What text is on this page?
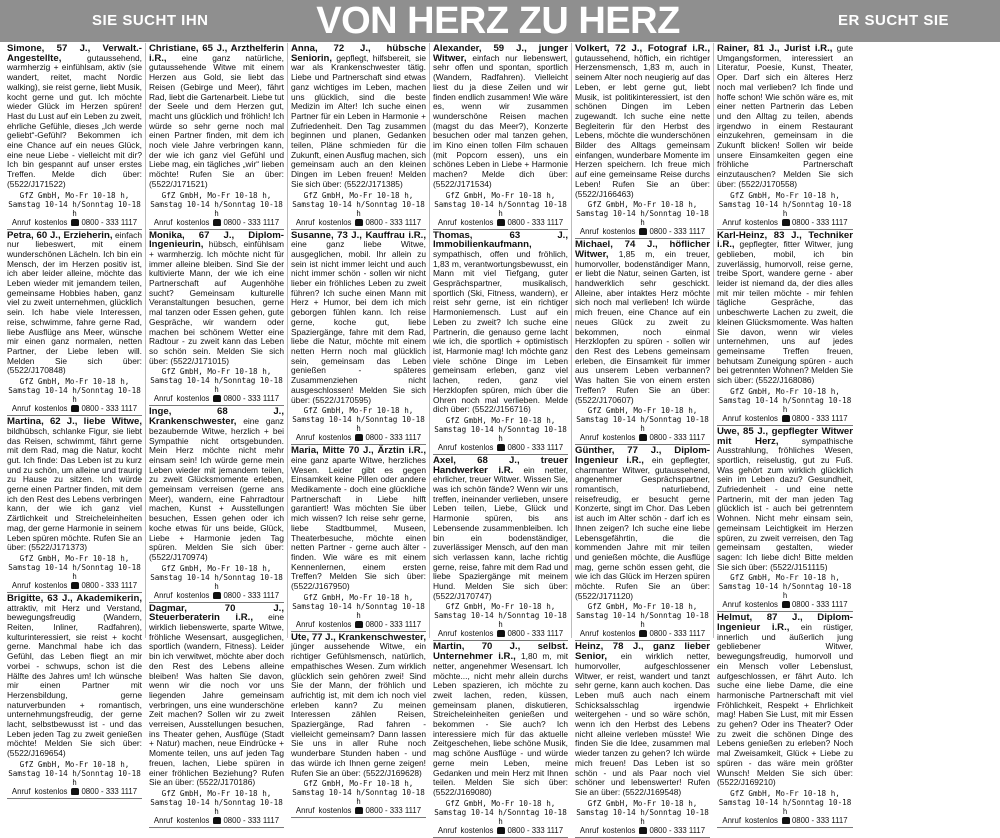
SIE SUCHT IHN	VON HERZ ZU HERZ	ER SUCHT SIE
Simone, 57 J., Verwalt.-Angestellte,	gutaussehend, warmherzig + einfühlsam, aktiv (sie wandert, reitet, macht Nordic walking), sie reist gerne, liebt Musik, kocht gerne und gut. Ich möchte wieder Glück im Herzen spüren! Hast du Lust auf ein Leben zu zweit, ehrliche Gefühle, dieses „Ich werde geliebt“-Gefühl? Bekommen ich eine Chance auf ein neues Glück, eine neue Liebe - vielleicht mit dir? Ich bin gespannt auf unser erstes Treffen. Melde dich über: (5522/J171522)
GfZ GmbH, Mo-Fr 10-18 h,
Samstag 10-14 h/Sonntag 10-18 h
Anruf kostenlos	0800 - 333 1117
Petra, 60 J., Erzieherin, einfach nur liebeswert, mit einem wunderschönen Lächeln. Ich bin ein Mensch, der im Herzen positiv ist, ich aber leider alleine, möchte das Leben wieder mit jemandem teilen, gemeinsame Hobbies haben, ganz viel zu zweit unternehmen, glücklich sein. Ich habe viele Interessen, reise, schwimme, fahre gerne Rad, liebe Ausflüge ans Meer, wünsche mir einen ganz normalen, netten Partner, der Liebe leben will. Melden Sie sich über: (5522/J170848)
GfZ GmbH, Mo-Fr 10-18 h,
Samstag 10-14 h/Sonntag 10-18 h
Anruf kostenlos	0800 - 333 1117
Martina, 62 J., liebe Witwe, bildhübsch, schlanke Figur, sie liebt das Reisen, schwimmt, fährt gerne mit dem Rad, mag die Natur, kocht gut. Ich finde: Das Leben ist zu kurz und zu schön, um alleine und traurig zu Hause zu sitzen. Ich würde gerne einen Partner finden, mit dem ich den Rest des Lebens verbringen kann, der wie ich ganz viel Zärtlichkeit und Streicheleinheiten mag, der gerne Harmonie in seinem Leben spüren möchte. Rufen Sie an über: (5522/J171373)
GfZ GmbH, Mo-Fr 10-18 h,
Samstag 10-14 h/Sonntag 10-18 h
Anruf kostenlos	0800 - 333 1117
Brigitte, 63 J., Akademikerin, attraktiv, mit Herz und Verstand, bewegungsfreudig (Wandern, Reiten, Inliner, Radfahren), kulturinteressiert, sie reist + kocht gerne. Manchmal habe ich das Gefühl, das Leben fliegt an mir vorbei - schwups, schon ist die Hälfte des Jahres um! Ich wünsche mir einen Partner mit Herzensbildung, gerne naturverbunden + romantisch, unternehmungsfreudig, der gerne lacht, selbstbewusst ist - und das Leben jeden Tag zu zweit genießen möchte! Melden Sie sich über: (5522/J169654)
GfZ GmbH, Mo-Fr 10-18 h,
Samstag 10-14 h/Sonntag 10-18 h
Anruf kostenlos	0800 - 333 1117
Christiane, 65 J., Arzthelferin i.R., eine ganz natürliche, gutaussehende Witwe mit einem Herzen aus Gold, sie liebt das Reisen (Gebirge und Meer), fährt Rad, liebt die Gartenarbeit. Liebe tut der Seele und dem Herzen gut, macht uns glücklich und fröhlich! Ich würde so sehr gerne noch mal einen Partner finden, mit dem ich noch viele Jahre verbringen kann, der wie ich ganz viel Gefühl und Liebe mag, ein tägliches „wir“ lieben möchte! Rufen Sie an über: (5522/J171521)
GfZ GmbH, Mo-Fr 10-18 h,
Samstag 10-14 h/Sonntag 10-18 h
Anruf kostenlos	0800 - 333 1117
Monika, 67 J., Diplom-Ingenieurin, hübsch, einfühlsam + warmherzig. Ich möchte nicht für immer alleine bleiben. Sind Sie der kultivierte Mann, der wie ich eine Partnerschaft auf Augenhöhe sucht? Gemeinsam kulturelle Veranstaltungen besuchen, gerne mal tanzen oder Essen gehen, gute Gespräche, wir wandern oder machen bei schönem Wetter eine Radtour - zu zweit kann das Leben so schön sein. Melden Sie sich über: (5522/J171015)
GfZ GmbH, Mo-Fr 10-18 h,
Samstag 10-14 h/Sonntag 10-18 h
Anruf kostenlos	0800 - 333 1117
Inge, 68 J., Krankenschwester, eine ganz bezaubernde Witwe, herzlich + bei Sympathie nicht ortsgebunden. Mein Herz möchte nicht mehr einsam sein! Ich würde gerne mein Leben wieder mit jemandem teilen, zu zweit Glücksmomente erleben, gemeinsam verreisen (gerne ans Meer), wandern, eine Fahrradtour machen, Kunst + Ausstellungen besuchen, Essen gehen oder ich koche etwas für uns beide, Glück, Liebe + Harmonie jeden Tag spüren. Melden Sie sich über: (5522/J170974)
GfZ GmbH, Mo-Fr 10-18 h,
Samstag 10-14 h/Sonntag 10-18 h
Anruf kostenlos	0800 - 333 1117
Dagmar, 70 J., Steuerberaterin i.R., eine wirklich liebenswerte, sparte Witwe, fröhliche Wesensart, ausgeglichen, sportlich (wandern, Fitness). Leider bin ich verwitwet, möchte aber doch den Rest des Lebens alleine bleiben! Was halten Sie davon, wenn wir die noch vor uns liegenden Jahre gemeinsam verbringen, uns eine wunderschöne Zeit machen? Sollen wir zu zweit verreisen, Ausstellungen besuchen, ins Theater gehen, Ausflüge (Stadt + Natur) machen, neue Eindrücke + Momente teilen, uns auf jeden Tag freuen, lachen, Liebe spüren in einer fröhlichen Beziehung? Rufen Sie an über: (5522/J170186)
GfZ GmbH, Mo-Fr 10-18 h,
Samstag 10-14 h/Sonntag 10-18 h
Anruf kostenlos	0800 - 333 1117
Anna, 72 J., hübsche Seniorin, gepflegt, hilfsbereit, sie war als Krankenschwester tätig. Liebe und Partnerschaft sind etwas ganz wichtiges im Leben, machen uns glücklich, sind die beste Medizin im Alter! Ich suche einen Partner für ein Leben in Harmonie + Zufriedenheit. Den Tag zusammen beginnen und planen, Gedanken teilen, Pläne schmieden für die Zukunft, einen Ausflug machen, sich gemeinsam auch an den kleinen Dingen im Leben freuen! Melden Sie sich über: (5522/J171385)
GfZ GmbH, Mo-Fr 10-18 h,
Samstag 10-14 h/Sonntag 10-18 h
Anruf kostenlos	0800 - 333 1117
Susanne, 73 J., Kauffrau i.R., eine ganz liebe Witwe, ausgeglichen, mobil. Ihr allein zu sein ist nicht immer leicht und auch nicht immer schön - sollen wir nicht lieber ein fröhliches Leben zu zweit führen? Ich suche einen Mann mit Herz + Humor, bei dem ich mich geborgen fühlen kann. Ich reise gerne, koche gut, liebe Spaziergänge, fahre mit dem Rad, liebe die Natur, möchte mit einem netten Herrn noch mal glücklich sein, gemeinsam das Leben genießen - späteres Zusammenziehen nicht ausgeschlossen! Melden Sie sich über: (5522/J170595)
GfZ GmbH, Mo-Fr 10-18 h,
Samstag 10-14 h/Sonntag 10-18 h
Anruf kostenlos	0800 - 333 1117
Maria, Mitte 70 J., Ärztin i.R., eine ganz aparte Witwe, herzliches Wesen. Leider gibt es gegen Einsamkeit keine Pillen oder andere Medikamente - doch eine glückliche Partnerschaft in Liebe hilft garantiert! Was möchten Sie über mich wissen? Ich reise sehr gerne, liebe Stadtbummel, Museen, Theaterbesuche, möchte einen netten Partner - gerne auch älter - finden. Wie wäre es mit einem Kennenlernen, einem ersten Treffen? Melden Sie sich über: (5522/J167950)
GfZ GmbH, Mo-Fr 10-18 h,
Samstag 10-14 h/Sonntag 10-18 h
Anruf kostenlos	0800 - 333 1117
Ute, 77 J., Krankenschwester, jünger aussehende Witwe, ein richtiger Gefühlsmensch, natürlich, empathisches Wesen. Zum wirklich glücklich sein gehören zwei! Sind Sie der Mann, der fröhlich und aufrichtig ist, mit dem ich noch viel erleben kann? Zu meinen Interessen zählen Reisen, Spaziergänge, Rad fahren - vielleicht gemeinsam? Dann lassen Sie uns in aller Ruhe noch wunderbare Stunden haben - und das würde ich Ihnen gerne zeigen! Rufen Sie an über: (5522/J169628)
GfZ GmbH, Mo-Fr 10-18 h,
Samstag 10-14 h/Sonntag 10-18 h
Anruf kostenlos	0800 - 333 1117
Alexander, 59 J., junger Witwer, einfach nur liebenswert, sehr offen und spontan, sportlich (Wandern, Radfahren). Vielleicht liest du ja diese Zeilen und wir finden endlich zusammen! Wie wäre es, wenn wir zusammen wunderschöne Reisen machen (magst du das Meer?), Konzerte besuchen oder mal tanzen gehen, im Kino einen tollen Film schauen (mit Popcorn essen), uns ein schönes Leben in Liebe + Harmonie machen? Melde dich über: (5522/J171534)
GfZ GmbH, Mo-Fr 10-18 h,
Samstag 10-14 h/Sonntag 10-18 h
Anruf kostenlos	0800 - 333 1117
Thomas, 63 J., Immobilienkaufmann, sympathisch, offen und fröhlich, 1,83 m, verantwortungsbewusst, ein Mann mit viel Tiefgang, guter Gesprächspartner, musikalisch, sportlich (Ski, Fitness, wandern), er reist sehr gerne, ist ein richtiger Harmoniemensch. Lust auf ein Leben zu zweit? Ich suche eine Partnerin, die genauso gerne lacht wie ich, die sportlich + optimistisch ist, Harmonie mag! Ich möchte ganz viele schöne Dinge im Leben gemeinsam erleben, ganz viel lachen, reden, ganz viel Herzklopfen spüren, mich über die Ohren noch mal verlieben. Melde dich über: (5522/J156716)
GfZ GmbH, Mo-Fr 10-18 h,
Samstag 10-14 h/Sonntag 10-18 h
Anruf kostenlos	0800 - 333 1117
Axel, 68 J., treuer Handwerker i.R. ein netter, ehrlicher, treuer Witwer. Wissen Sie, was ich schön fände? Wenn wir uns treffen, ineinander verlieben, unsere Leben teilen, Liebe, Glück und Harmonie spüren, bis ans Lebensende zusammenbleiben. Ich bin ein bodenständiger, zuverlässiger Mensch, auf den man sich verlassen kann, lache richtig gerne, reise, fahre mit dem Rad und liebe Spaziergänge mit meinem Hund. Melden Sie sich über: (5522/J170747)
GfZ GmbH, Mo-Fr 10-18 h,
Samstag 10-14 h/Sonntag 10-18 h
Anruf kostenlos	0800 - 333 1117
Martin, 70 J., selbst. Unternehmer i.R., 1,80 m, mit netter, angenehmer Wesensart. Ich möchte..., nicht mehr allein durchs Leben spazieren, ich möchte zu zweit lachen, reden, küssen, gemeinsam planen, diskutieren, Streicheleinheiten genießen und bekommen - Sie auch? Ich interessiere mich für das aktuelle Zeitgeschehen, liebe schöne Musik, mag schöne Ausflüge - und würde gerne mein Leben, meine Gedanken und mein Herz mit Ihnen teilen. Melden Sie sich über: (5522/J169080)
GfZ GmbH, Mo-Fr 10-18 h,
Samstag 10-14 h/Sonntag 10-18 h
Anruf kostenlos	0800 - 333 1117
Volkert, 72 J., Fotograf i.R., gutaussehend, höflich, ein richtiger Herzensmensch, 1,83 m, auch in seinem Alter noch neugierig auf das Leben, er lebt gerne gut, liebt Musik, ist politikinteressiert, ist den schönen Dingen im Leben zugewandt. Ich suche eine nette Begleiterin für den Herbst des Lebens, möchte die wunderschönen Bilder des Alltags gemeinsam einfangen, wunderbare Momente im Herzen speichern. Ich freue mich auf eine gemeinsame Reise durchs Leben! Rufen Sie an über: (5522/J166463)
GfZ GmbH, Mo-Fr 10-18 h,
Samstag 10-14 h/Sonntag 10-18 h
Anruf kostenlos	0800 - 333 1117
Michael, 74 J., höflicher Witwer, 1,85 m, ein treuer, humorvoller, bodenständiger Mann, er liebt die Natur, seinen Garten, ist handwerklich sehr geschickt. Alleine, aber intaktes Herz möchte sich noch mal verlieben! Ich würde mich freuen, eine Chance auf ein neues Glück zu zweit zu bekommen, noch einmal Herzklopfen zu spüren - sollen wir den Rest des Lebens gemeinsam erleben, die Einsamkeit für immer aus unserem Leben verbannen? Was halten Sie von einem ersten Treffen? Rufen Sie an über: (5522/J170607)
GfZ GmbH, Mo-Fr 10-18 h,
Samstag 10-14 h/Sonntag 10-18 h
Anruf kostenlos	0800 - 333 1117
Günther, 77 J., Diplom-Ingenieur i.R., ein gepflegter, charmanter Witwer, gutaussehend, angenehmer Gesprächspartner, romantisch, naturliebend, reisefreudig, er besucht gerne Konzerte, singt im Chor. Das Leben ist auch im Alter schön - darf ich es Ihnen zeigen? Ich suche eine liebe Lebensgefährtin, die die kommenden Jahre mit mir teilen und genießen möchte, die Ausflüge mag, gerne schön essen geht, die wie ich das Glück im Herzen spüren möchte. Rufen Sie an über: (5522/J171120)
GfZ GmbH, Mo-Fr 10-18 h,
Samstag 10-14 h/Sonntag 10-18 h
Anruf kostenlos	0800 - 333 1117
Heinz, 78 J., ganz lieber Senior, ein wirklich netter, humorvoller, aufgeschlossener Witwer, er reist, wandert und tanzt sehr gerne, kann auch kochen. Das Leben muß auch nach einem Schicksalsschlag irgendwie weitergehen - und so wäre schön, wenn ich den Herbst des Lebens nicht alleine verleben müsste! Wie finden Sie die Idee, zusammen mal wieder tanzen zu gehen? Ich würde mich freuen! Das Leben ist so schön - und als Paar noch viel schöner und lebenswerter! Rufen Sie an über: (5522/J169548)
GfZ GmbH, Mo-Fr 10-18 h,
Samstag 10-14 h/Sonntag 10-18 h
Anruf kostenlos	0800 - 333 1117
Rainer, 81 J., Jurist i.R., gute Umgangsformen, interessiert an Literatur, Poesie, Kunst, Theater, Oper. Darf sich ein älteres Herz noch mal verlieben? Ich finde und hoffe schon! Wie schön wäre es, mit einer netten Partnerin das Leben und den Alltag zu teilen, abends irgendwo in einem Restaurant einzukehren, gemeinsam in die Zukunft blicken! Sollen wir beide unsere Einsamkeiten gegen eine fröhliche Partnerschaft einzutauschen? Melden Sie sich über: (5522/J170558)
GfZ GmbH, Mo-Fr 10-18 h,
Samstag 10-14 h/Sonntag 10-18 h
Anruf kostenlos	0800 - 333 1117
Karl-Heinz, 83 J., Techniker i.R., gepflegter, fitter Witwer, jung geblieben, mobil, ich bin zuverlässig, humorvoll, reise gerne, treibe Sport, wandere gerne - aber leider ist niemand da, der dies alles mit mir teilen möchte - mir fehlen tägliche Gespräche, das unbeschwerte Lachen zu zweit, die kleinen Glücksmomente. Was halten Sie davon, wenn wir vieles unternehmen, uns auf jedes gemeinsame Treffen freuen, behutsam Zuneigung spüren - auch bei getrennten Wohnen? Melden Sie sich über: (5522/J168086)
GfZ GmbH, Mo-Fr 10-18 h,
Samstag 10-14 h/Sonntag 10-18 h
Anruf kostenlos	0800 - 333 1117
Uwe, 85 J., gepflegter Witwer mit Herz,	sympathische Ausstrahlung, fröhliches Wesen, sportlich, reiselustig, gut zu Fuß. Was gehört zum wirklich glücklich sein im Leben dazu? Gesundheit, Zufriedenheit - und eine nette Partnerin, mit der man jeden Tag glücklich ist - auch bei getrenntem Wohnen. Nicht mehr einsam sein, gemeinsam Leichtigkeit im Herzen spüren, zu zweit verreisen, den Tag gemeinsam gestalten, wieder sagen: Ich liebe dich! Bitte melden Sie sich über: (5522/J151115)
GfZ GmbH, Mo-Fr 10-18 h,
Samstag 10-14 h/Sonntag 10-18 h
Anruf kostenlos	0800 - 333 1117
Helmut, 87 J., Diplom-Ingenieur i.R., ein rüstiger, innerlich und äußerlich jung gebliebener Witwer, bewegungsfreudig, humorvoll und ein Mensch voller Lebenslust, aufgeschlossen, er fährt Auto. Ich suche eine liebe Dame, die eine harmonische Partnerschaft mit viel Fröhlichkeit, Respekt + Ehrlichkeit mag! Haben Sie Lust, mit mir Essen zu gehen? Oder ins Theater? Oder zu zweit die schönen Dinge des Lebens genießen zu erleben? Noch mal Zweisamkeit, Glück + Liebe zu spüren - das wäre mein größter Wunsch! Melden Sie sich über: (5522/J169210)
GfZ GmbH, Mo-Fr 10-18 h,
Samstag 10-14 h/Sonntag 10-18 h
Anruf kostenlos	0800 - 333 1117
